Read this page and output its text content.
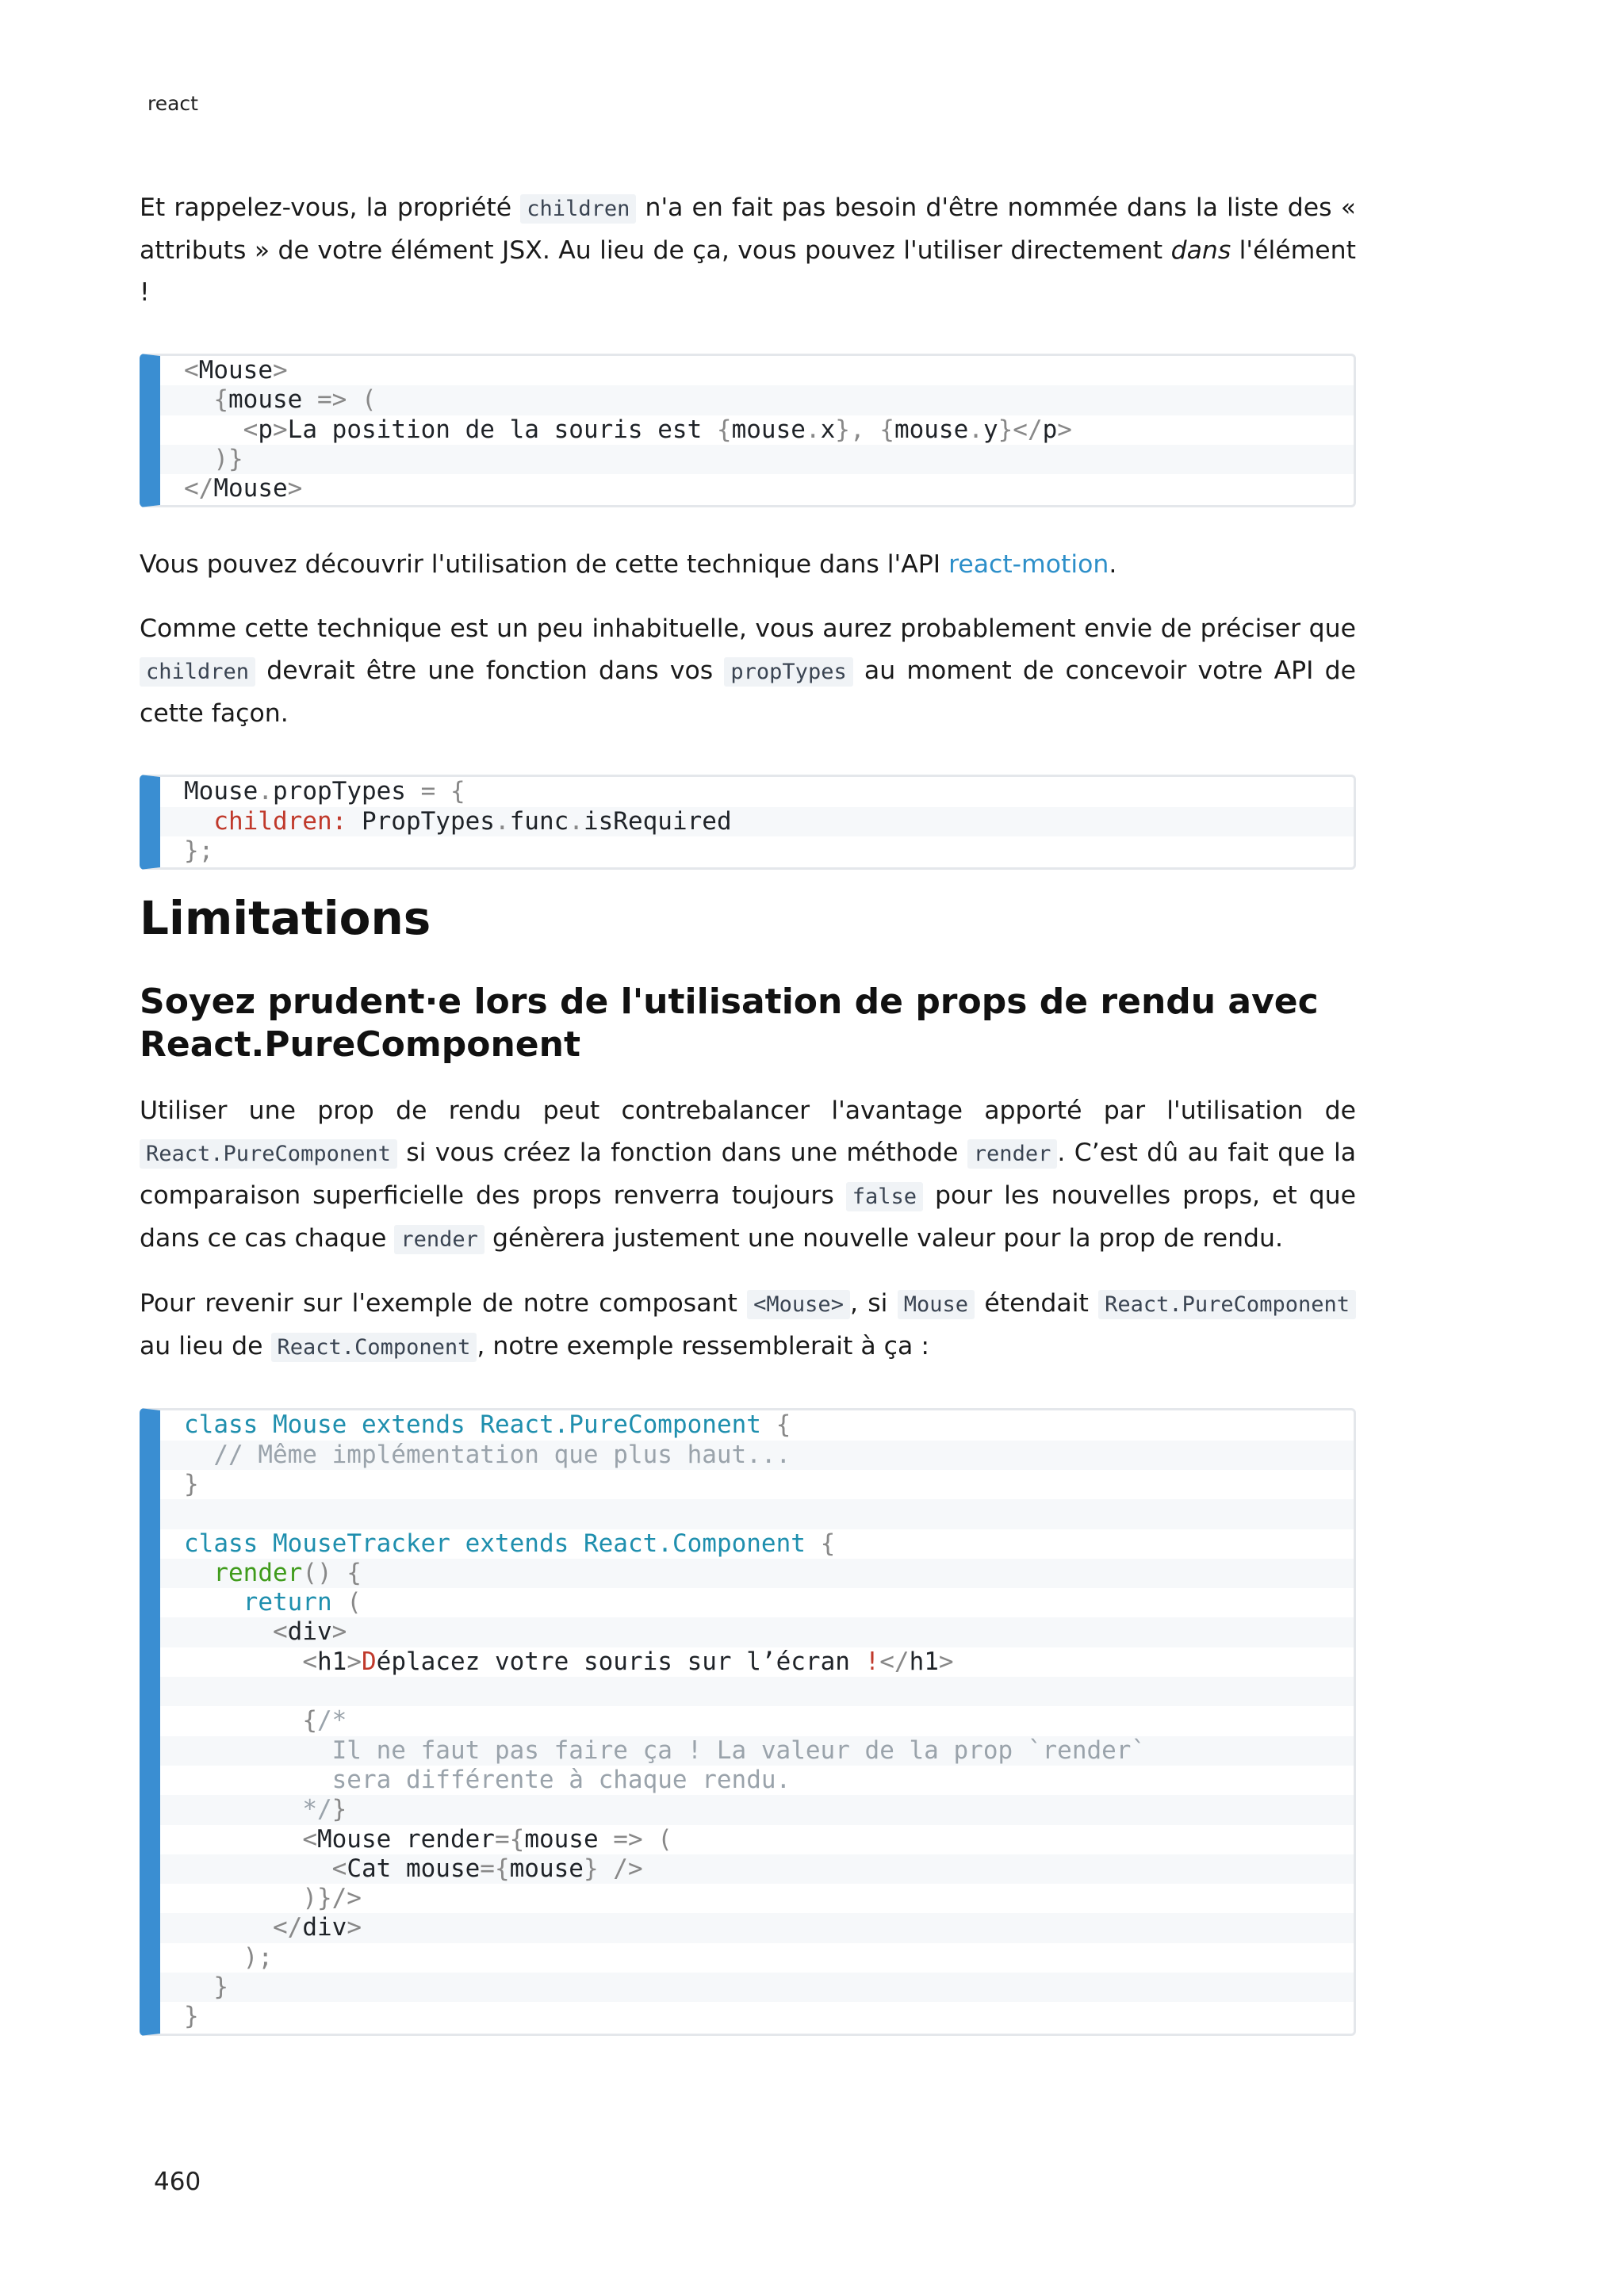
react

Et rappelez-vous, la propriété children n'a en fait pas besoin d'être nommée dans la liste des « attributs » de votre élément JSX. Au lieu de ça, vous pouvez l'utiliser directement dans l'élément !

<Mouse>
{mouse => (
<p>La position de la souris est {mouse.x}, {mouse.y}</p>
)}
</Mouse>

Vous pouvez découvrir l'utilisation de cette technique dans l'API react-motion.

Comme cette technique est un peu inhabituelle, vous aurez probablement envie de préciser que children devrait être une fonction dans vos propTypes au moment de concevoir votre API de cette façon.

Mouse.propTypes = {
children: PropTypes.func.isRequired
};
Limitations
Soyez prudent·e lors de l'utilisation de props de rendu avec React.PureComponent

Utiliser une prop de rendu peut contrebalancer l'avantage apporté par l'utilisation de React.PureComponent si vous créez la fonction dans une méthode render . C’est dû au fait que la comparaison superficielle des props renverra toujours false pour les nouvelles props, et que dans ce cas chaque render génèrera justement une nouvelle valeur pour la prop de rendu.

Pour revenir sur l'exemple de notre composant <Mouse> , si Mouse étendait React.PureComponent au lieu de React.Component , notre exemple ressemblerait à ça :

class Mouse extends React.PureComponent {
// Même implémentation que plus haut...
}

class MouseTracker extends React.Component {
render() {
return (
<div>
<h1>Déplacez votre souris sur l’écran !</h1>

{/*
Il ne faut pas faire ça ! La valeur de la prop `render`
sera différente à chaque rendu.
*/}
<Mouse render={mouse => (
<Cat mouse={mouse} />
)}/>
</div>
);
}
}
460
